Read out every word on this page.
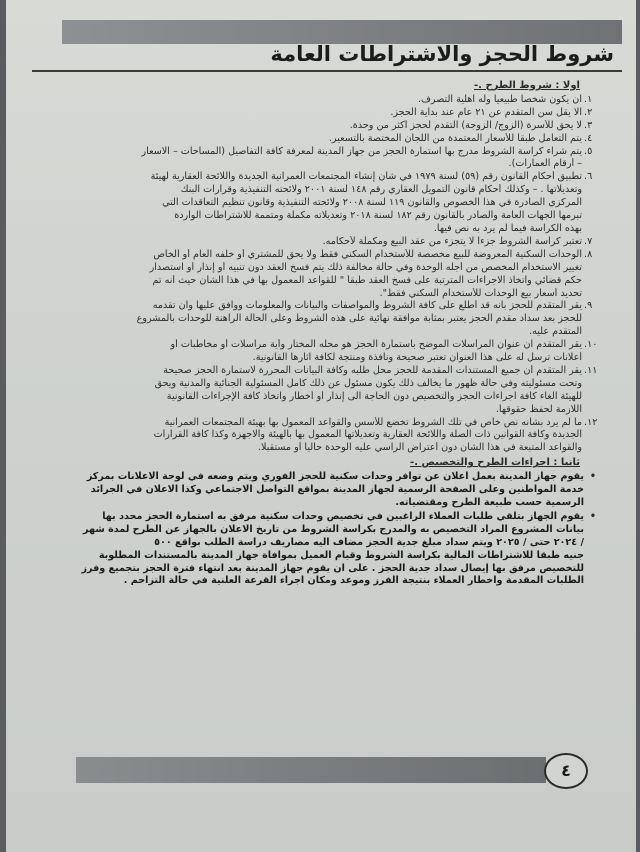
شروط الحجز والاشتراطات العامة
اولا : شروط الطرح .-
١.
ان يكون شخصا طبيعيا وله اهلية التصرف.
٢.
الا يقل سن المتقدم عن ٢١ عام عند بداية الحجز.
٣.
لا يحق للأسرة (الزوج/ الزوجة) التقدم لحجز أكثر من وحدة.
٤.
يتم التعامل طبقا للأسعار المعتمدة من اللجان المختصة بالتسعير.
٥.
يتم شراء كراسة الشروط مدرج بها استمارة الحجز من جهاز المدينة لمعرفة كافة التفاصيل (المساحات – الاسعار
– أرقام العمارات).
٦.
تطبيق أحكام القانون رقم (٥٩) لسنة ١٩٧٩ في شأن إنشاء المجتمعات العمرانية الجديدة واللائحة العقارية لهيئة
وتعديلاتها . – وكذلك أحكام قانون التمويل العقاري رقم ١٤٨ لسنة ٢٠٠١ ولائحته التنفيذية وقرارات البنك
المركزي الصادرة في هذا الخصوص والقانون ١١٩ لسنة ٢٠٠٨ ولائحته التنفيذية وقانون تنظيم التعاقدات التي
تبرمها الجهات العامة والصادر بالقانون رقم ١٨٢ لسنة ٢٠١٨ وتعديلاته مكملة ومتممة للاشتراطات الواردة
بهذه الكراسة فيما لم يرد به نص فيها.
٧.
تعتبر كراسة الشروط جزءا لا يتجزء من عقد البيع ومكملة لأحكامه.
٨.
الوحدات السكنية المعروضة للبيع مخصصة للأستخدام السكني فقط ولا يحق للمشتري أو خلفه العام أو الخاص
تغيير الاستخدام المخصص من أجله الوحدة وفي حالة مخالفة ذلك يتم فسخ العقد دون تنبيه أو إنذار أو استصدار
حكم قضائي واتخاذ الاجراءات المترتبة على فسخ العقد طبقاً " للقواعد المعمول بها في هذا الشأن حيث أنه تم
تحديد أسعار بيع الوحدات للأستخدام السكني فقط".
٩.
يقر المتقدم للحجز بأنه قد أطلع على كافة الشروط والمواصفات والبيانات والمعلومات ووافق عليها وان تقدمه
للحجز بعد سداد مقدم الحجز يعتبر بمثابة موافقة نهائية على هذه الشروط وعلى الحالة الراهنة للوحدات بالمشروع
المتقدم عليه.
١٠.
يقر المتقدم ان عنوان المراسلات الموضح باستمارة الحجز هو محله المختار وأية مراسلات أو مخاطبات أو
أعلانات ترسل له على هذا العنوان تعتبر صحيحة ونافذة ومنتجة لكافة آثارها القانونية.
١١.
يقر المتقدم أن جميع المستندات المقدمة للحجز محل طلبه وكافة البيانات المحررة لاستمارة الحجز صحيحة
وتحت مسئوليته وفي حالة ظهور ما يخالف ذلك يكون مسئول عن ذلك كامل المسئولية الجنائية والمدنية ويحق
للهيئة الغاء كافة اجراءات الحجز والتخصيص دون الحاجة الى إنذار أو أخطار واتخاذ كافة الإجراءات القانونية
اللازمة لحفظ حقوقها.
١٢.
ما لم يرد بشأنه نص خاص في تلك الشروط تخضع للأسس والقواعد المعمول بها بهيئة المجتمعات العمرانية
الجديدة وكافة القوانين ذات الصلة واللائحة العقارية وتعديلاتها المعمول بها بالهيئة والاجهزة وكذا كافة القرارات
والقواعد المتبعة في هذا الشأن دون أعتراض الراسي عليه الوحدة حاليا أو مستقبلا.
ثانيا : اجراءات الطرح والتخصيص .-
•
يقوم جهاز المدينة بعمل اعلان عن توافر وحدات سكنية للحجز الفوري ويتم وضعه في لوحة الاعلانات بمركز
خدمة المواطنين وعلى الصفحة الرسمية لجهاز المدينة بمواقع التواصل الاجتماعي وكذا الاعلان في الجرائد
الرسمية حسب طبيعة الطرح ومقتضياته.
•
يقوم الجهاز بتلقي طلبات العملاء الراغبين في تخصيص وحدات سكنية مرفق به استمارة الحجز محدد بها
بيانات المشروع المراد التخصيص به والمدرج بكراسة الشروط من تاريخ الاعلان بالجهاز عن الطرح لمدة شهر
/ ٢٠٢٤ حتى / ٢٠٢٥ ويتم سداد مبلغ جدية الحجز مضاف اليه مصاريف دراسة الطلب بواقع ٥٠٠
جنيه طبقا للاشتراطات المالية بكراسة الشروط وقيام العميل بموافاة جهاز المدينة بالمستندات المطلوبة
للتخصيص مرفق بها إيصال سداد جدية الحجز . على ان يقوم جهاز المدينة بعد انتهاء فترة الحجز بتجميع وفرز
الطلبات المقدمة واخطار العملاء بنتيجة الفرز وموعد ومكان اجراء القرعة العلنية في حالة التزاحم .
٤
